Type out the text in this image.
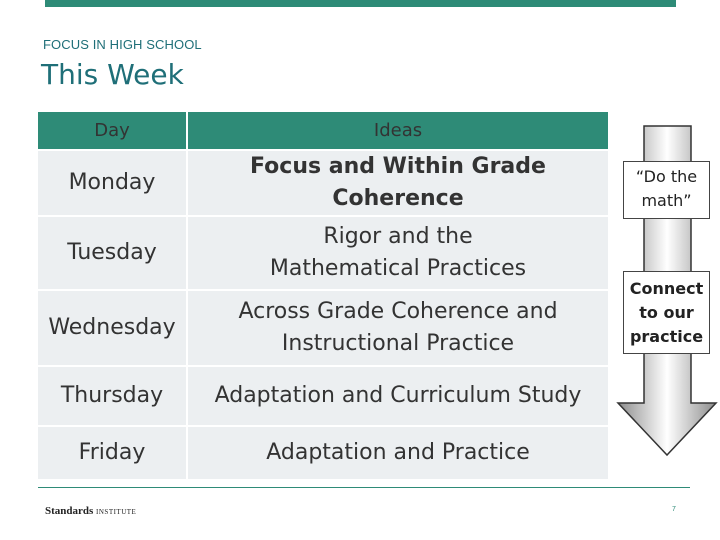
FOCUS IN HIGH SCHOOL
This Week
Day	Ideas
Monday	Focus and Within Grade Coherence
Tuesday	Rigor and the Mathematical Practices
Wednesday	Across Grade Coherence and Instructional Practice
Thursday	Adaptation and Curriculum Study
Friday	Adaptation and Practice
“Do the math”
Connect to our practice
Standards INSTITUTE	7
